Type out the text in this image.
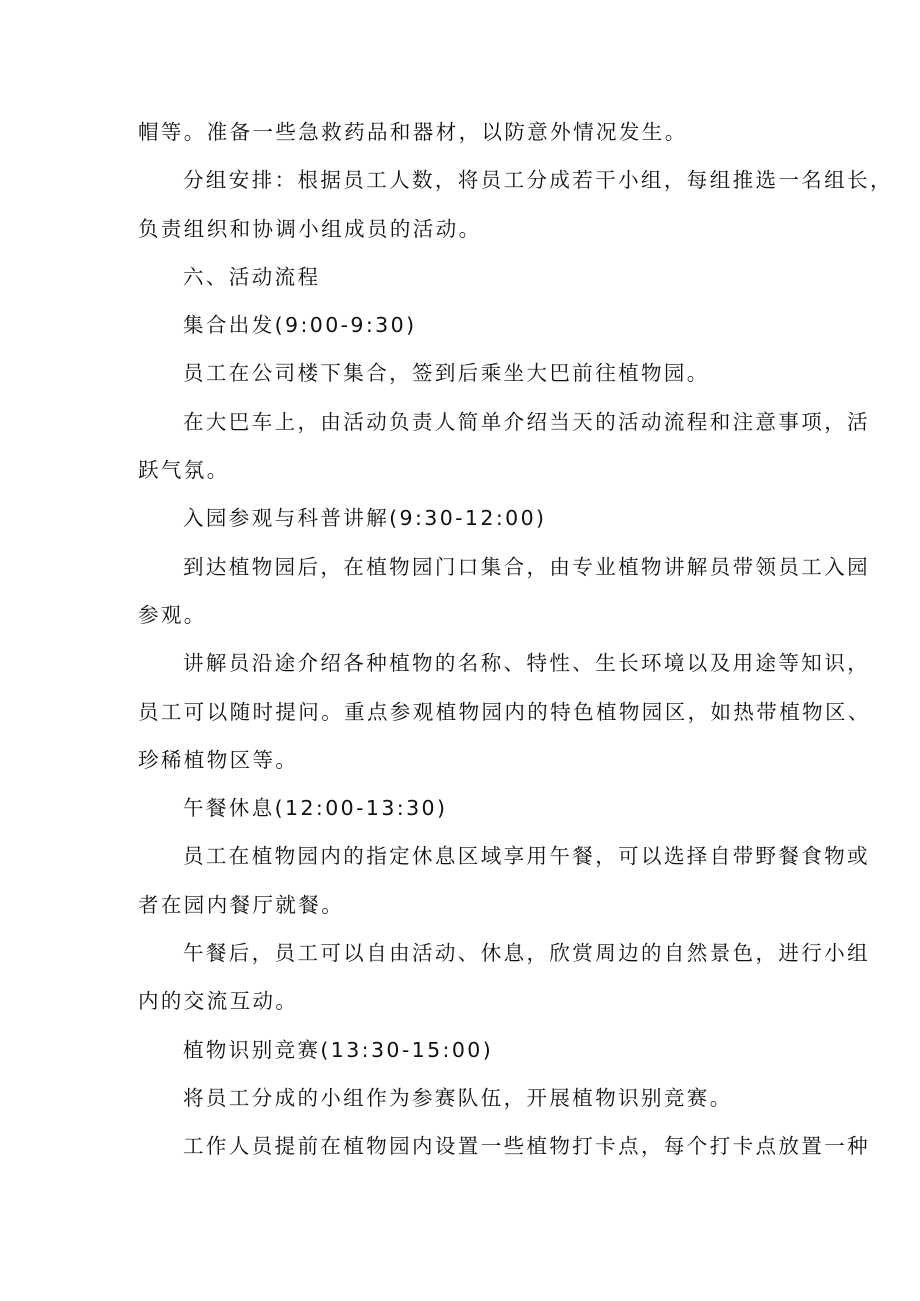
帽等。准备一些急救药品和器材，以防意外情况发生。
分组安排：根据员工人数，将员工分成若干小组，每组推选一名组长，
负责组织和协调小组成员的活动。
六、活动流程
集合出发(9:00-9:30)
员工在公司楼下集合，签到后乘坐大巴前往植物园。
在大巴车上，由活动负责人简单介绍当天的活动流程和注意事项，活
跃气氛。
入园参观与科普讲解(9:30-12:00)
到达植物园后，在植物园门口集合，由专业植物讲解员带领员工入园
参观。
讲解员沿途介绍各种植物的名称、特性、生长环境以及用途等知识，
员工可以随时提问。重点参观植物园内的特色植物园区，如热带植物区、
珍稀植物区等。
午餐休息(12:00-13:30)
员工在植物园内的指定休息区域享用午餐，可以选择自带野餐食物或
者在园内餐厅就餐。
午餐后，员工可以自由活动、休息，欣赏周边的自然景色，进行小组
内的交流互动。
植物识别竞赛(13:30-15:00)
将员工分成的小组作为参赛队伍，开展植物识别竞赛。
工作人员提前在植物园内设置一些植物打卡点，每个打卡点放置一种
